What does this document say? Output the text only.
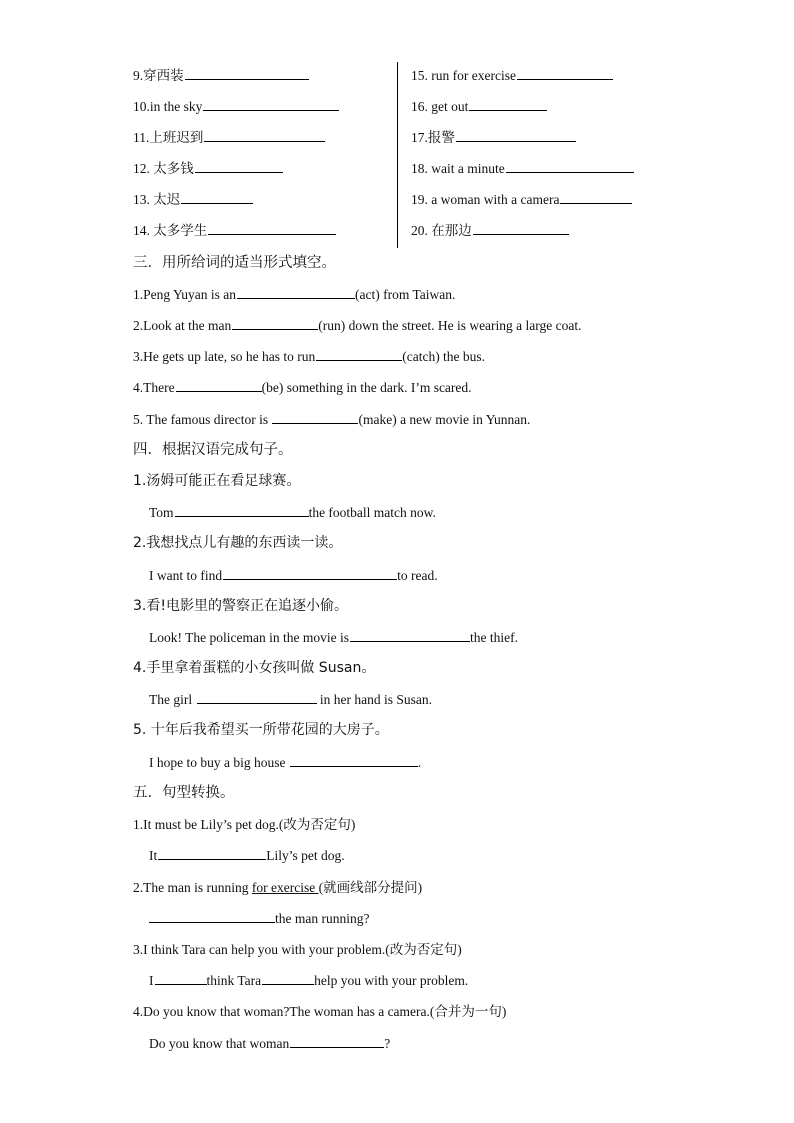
9.穿西装
10.in the sky
11.上班迟到
12. 太多钱
13. 太迟
14. 太多学生
15. run for exercise
16. get out
17.报警
18. wait a minute
19. a woman with a camera
20. 在那边
三．用所给词的适当形式填空。
1.Peng Yuyan is an	(act) from Taiwan.
2.Look at the man	(run) down the street. He is wearing a large coat.
3.He gets up late, so he has to run	(catch) the bus.
4.There	(be) something in the dark. I’m scared.
5. The famous director is	(make) a new movie in Yunnan.
四．根据汉语完成句子。
1.汤姆可能正在看足球赛。
Tom	the football match now.
2.我想找点儿有趣的东西读一读。
I want to find	to read.
3.看!电影里的警察正在追逐小偷。
Look! The policeman in the movie is	the thief.
4.手里拿着蛋糕的小女孩叫做 Susan。
The girl	in her hand is Susan.
5. 十年后我希望买一所带花园的大房子。
I hope to buy a big house	.
五．句型转换。
1.It must be Lily’s pet dog.(改为否定句)
It	Lily’s pet dog.
2.The man is running for exercise (就画线部分提问)
the man running?
3.I think Tara can help you with your problem.(改为否定句)
I	think Tara	help you with your problem.
4.Do you know that woman?The woman has a camera.(合并为一句)
Do you know that woman	?
